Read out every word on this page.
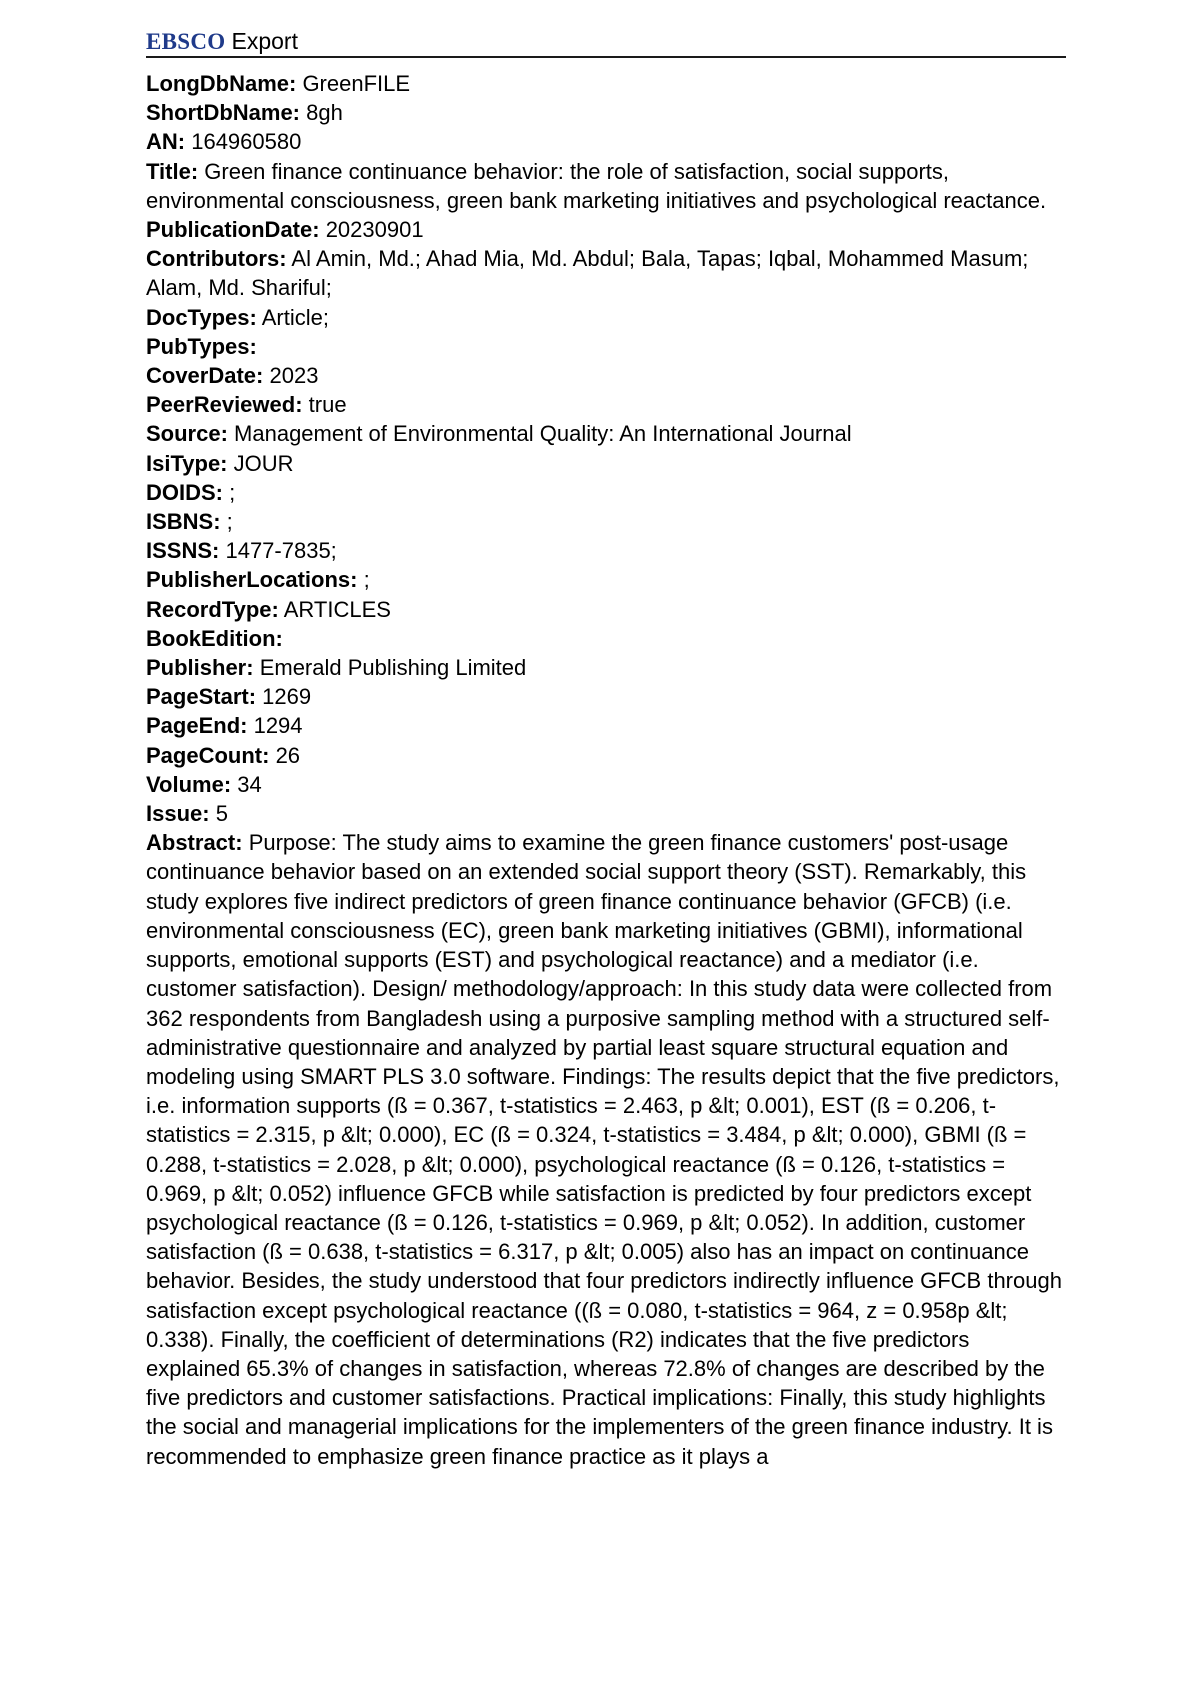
EBSCO Export
LongDbName: GreenFILE
ShortDbName: 8gh
AN: 164960580
Title: Green finance continuance behavior: the role of satisfaction, social supports, environmental consciousness, green bank marketing initiatives and psychological reactance.
PublicationDate: 20230901
Contributors: Al Amin, Md.; Ahad Mia, Md. Abdul; Bala, Tapas; Iqbal, Mohammed Masum; Alam, Md. Shariful;
DocTypes: Article;
PubTypes:
CoverDate: 2023
PeerReviewed: true
Source: Management of Environmental Quality: An International Journal
IsiType: JOUR
DOIDS: ;
ISBNS: ;
ISSNS: 1477-7835;
PublisherLocations: ;
RecordType: ARTICLES
BookEdition:
Publisher: Emerald Publishing Limited
PageStart: 1269
PageEnd: 1294
PageCount: 26
Volume: 34
Issue: 5
Abstract: Purpose: The study aims to examine the green finance customers' post-usage continuance behavior based on an extended social support theory (SST). Remarkably, this study explores five indirect predictors of green finance continuance behavior (GFCB) (i.e. environmental consciousness (EC), green bank marketing initiatives (GBMI), informational supports, emotional supports (EST) and psychological reactance) and a mediator (i.e. customer satisfaction). Design/ methodology/approach: In this study data were collected from 362 respondents from Bangladesh using a purposive sampling method with a structured self-administrative questionnaire and analyzed by partial least square structural equation and modeling using SMART PLS 3.0 software. Findings: The results depict that the five predictors, i.e. information supports (ß = 0.367, t-statistics = 2.463, p &lt; 0.001), EST (ß = 0.206, t-statistics = 2.315, p &lt; 0.000), EC (ß = 0.324, t-statistics = 3.484, p &lt; 0.000), GBMI (ß = 0.288, t-statistics = 2.028, p &lt; 0.000), psychological reactance (ß = 0.126, t-statistics = 0.969, p &lt; 0.052) influence GFCB while satisfaction is predicted by four predictors except psychological reactance (ß = 0.126, t-statistics = 0.969, p &lt; 0.052). In addition, customer satisfaction (ß = 0.638, t-statistics = 6.317, p &lt; 0.005) also has an impact on continuance behavior. Besides, the study understood that four predictors indirectly influence GFCB through satisfaction except psychological reactance ((ß = 0.080, t-statistics = 964, z = 0.958p &lt; 0.338). Finally, the coefficient of determinations (R2) indicates that the five predictors explained 65.3% of changes in satisfaction, whereas 72.8% of changes are described by the five predictors and customer satisfactions. Practical implications: Finally, this study highlights the social and managerial implications for the implementers of the green finance industry. It is recommended to emphasize green finance practice as it plays a
